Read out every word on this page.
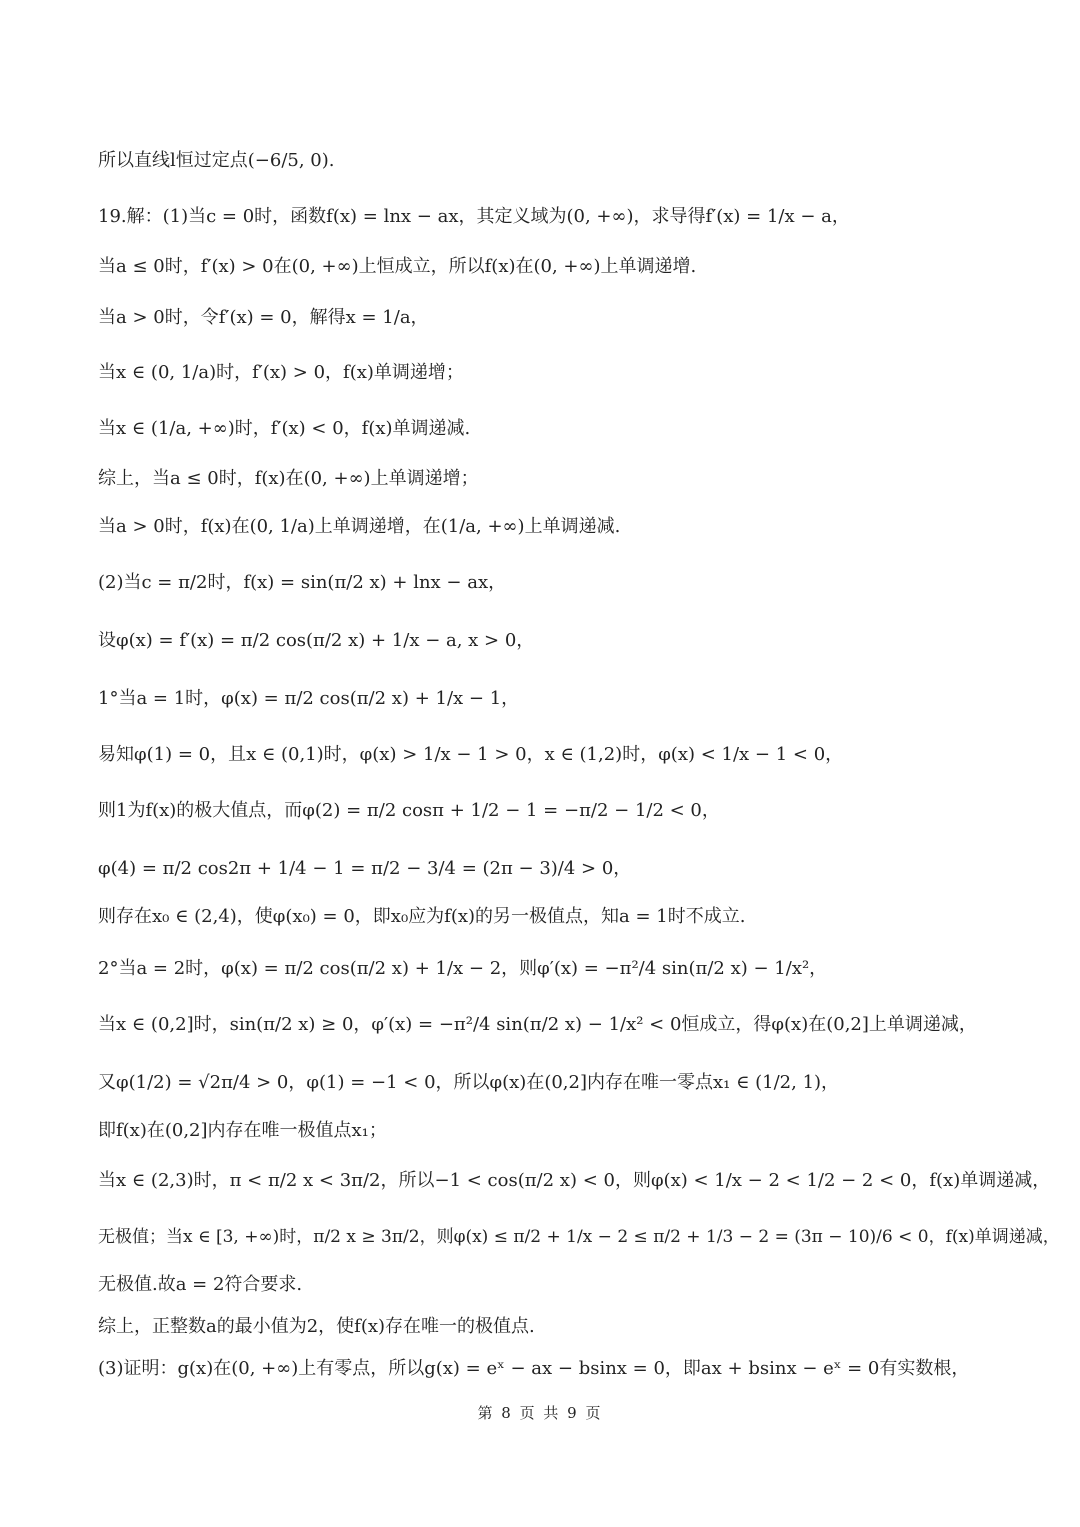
所以直线l恒过定点(−6/5, 0).
19.解：(1)当c = 0时，函数f(x) = lnx − ax，其定义域为(0, +∞)，求导得f′(x) = 1/x − a，
当a ≤ 0时，f′(x) > 0在(0, +∞)上恒成立，所以f(x)在(0, +∞)上单调递增.
当a > 0时，令f′(x) = 0，解得x = 1/a，
当x ∈ (0, 1/a)时，f′(x) > 0，f(x)单调递增；
当x ∈ (1/a, +∞)时，f′(x) < 0，f(x)单调递减.
综上，当a ≤ 0时，f(x)在(0, +∞)上单调递增；
当a > 0时，f(x)在(0, 1/a)上单调递增，在(1/a, +∞)上单调递减.
(2)当c = π/2时，f(x) = sin(π/2 x) + lnx − ax，
设φ(x) = f′(x) = π/2 cos(π/2 x) + 1/x − a, x > 0，
1°当a = 1时，φ(x) = π/2 cos(π/2 x) + 1/x − 1，
易知φ(1) = 0，且x ∈ (0,1)时，φ(x) > 1/x − 1 > 0，x ∈ (1,2)时，φ(x) < 1/x − 1 < 0，
则1为f(x)的极大值点，而φ(2) = π/2 cosπ + 1/2 − 1 = −π/2 − 1/2 < 0，
φ(4) = π/2 cos2π + 1/4 − 1 = π/2 − 3/4 = (2π − 3)/4 > 0，
则存在x₀ ∈ (2,4)，使φ(x₀) = 0，即x₀应为f(x)的另一极值点，知a = 1时不成立.
2°当a = 2时，φ(x) = π/2 cos(π/2 x) + 1/x − 2，则φ′(x) = −π²/4 sin(π/2 x) − 1/x²，
当x ∈ (0,2]时，sin(π/2 x) ≥ 0，φ′(x) = −π²/4 sin(π/2 x) − 1/x² < 0恒成立，得φ(x)在(0,2]上单调递减，
又φ(1/2) = √2π/4 > 0，φ(1) = −1 < 0，所以φ(x)在(0,2]内存在唯一零点x₁ ∈ (1/2, 1)，
即f(x)在(0,2]内存在唯一极值点x₁；
当x ∈ (2,3)时，π < π/2 x < 3π/2，所以−1 < cos(π/2 x) < 0，则φ(x) < 1/x − 2 < 1/2 − 2 < 0，f(x)单调递减，
无极值；当x ∈ [3, +∞)时，π/2 x ≥ 3π/2，则φ(x) ≤ π/2 + 1/x − 2 ≤ π/2 + 1/3 − 2 = (3π − 10)/6 < 0，f(x)单调递减，
无极值.故a = 2符合要求.
综上，正整数a的最小值为2，使f(x)存在唯一的极值点.
(3)证明：g(x)在(0, +∞)上有零点，所以g(x) = eˣ − ax − bsinx = 0，即ax + bsinx − eˣ = 0有实数根，
第 8 页 共 9 页
